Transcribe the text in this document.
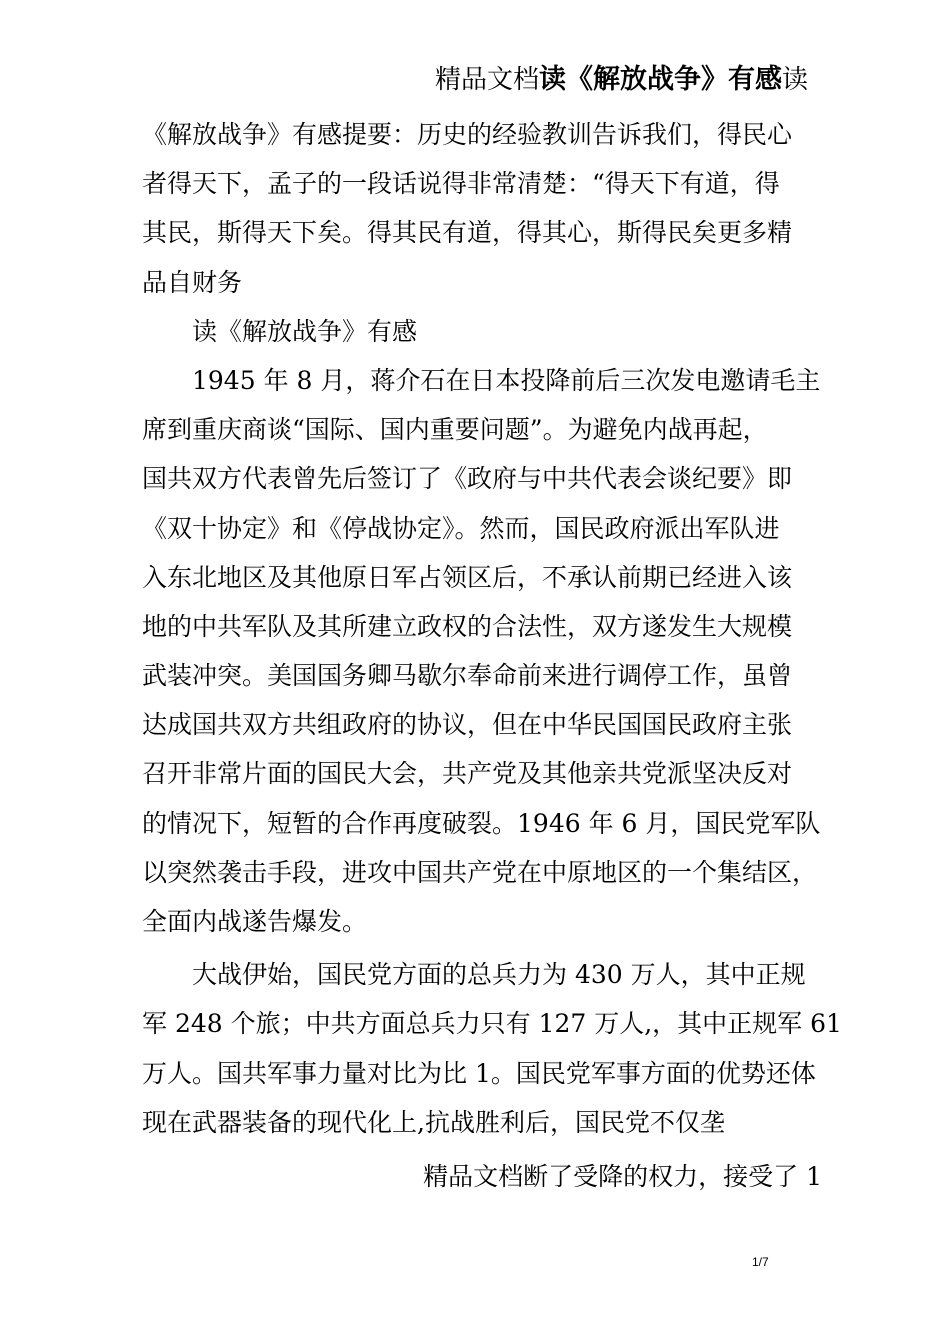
精品文档读《解放战争》有感读
《解放战争》有感提要：历史的经验教训告诉我们，得民心
者得天下，孟子的一段话说得非常清楚：“得天下有道，得
其民，斯得天下矣。得其民有道，得其心，斯得民矣更多精
品自财务
读《解放战争》有感
1945 年 8 月，蒋介石在日本投降前后三次发电邀请毛主
席到重庆商谈“国际、国内重要问题”。为避免内战再起，
国共双方代表曾先后签订了《政府与中共代表会谈纪要》即
《双十协定》和《停战协定》。然而，国民政府派出军队进
入东北地区及其他原日军占领区后，不承认前期已经进入该
地的中共军队及其所建立政权的合法性，双方遂发生大规模
武装冲突。美国国务卿马歇尔奉命前来进行调停工作，虽曾
达成国共双方共组政府的协议，但在中华民国国民政府主张
召开非常片面的国民大会，共产党及其他亲共党派坚决反对
的情况下，短暂的合作再度破裂。1946 年 6 月，国民党军队
以突然袭击手段，进攻中国共产党在中原地区的一个集结区，
全面内战遂告爆发。
大战伊始，国民党方面的总兵力为 430 万人，其中正规
军 248 个旅；中共方面总兵力只有 127 万人,，其中正规军 61
万人。国共军事力量对比为比 1。国民党军事方面的优势还体
现在武器装备的现代化上,抗战胜利后，国民党不仅垄
精品文档断了受降的权力，接受了 1
1/7
